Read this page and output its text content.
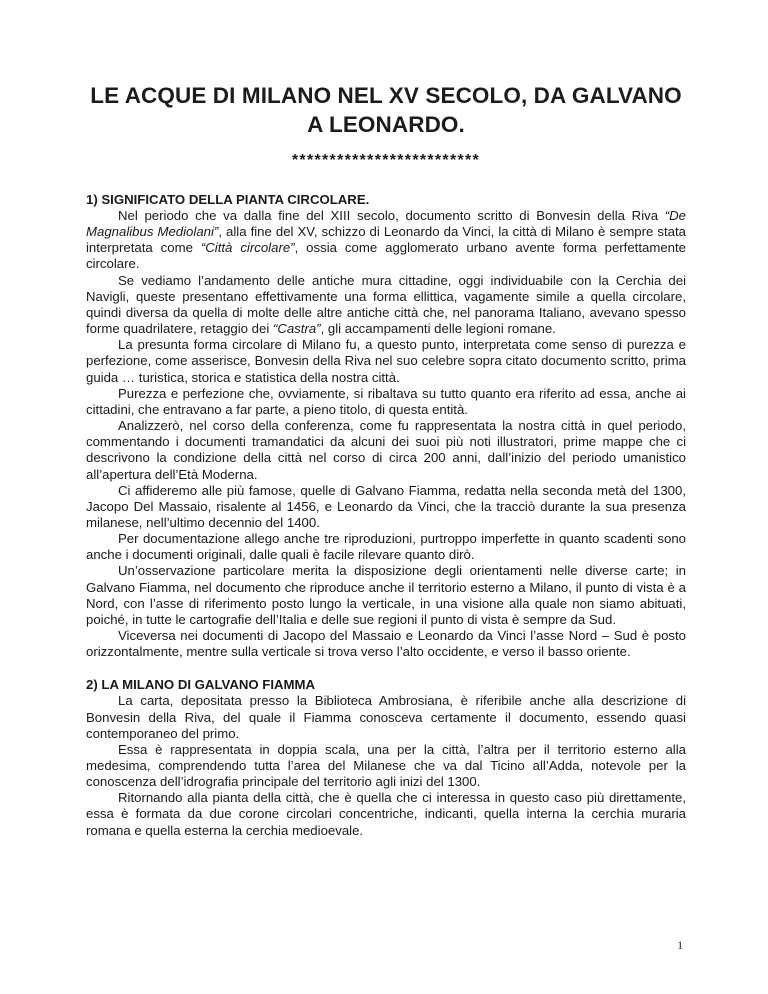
LE ACQUE DI MILANO NEL XV SECOLO, DA GALVANO
A LEONARDO.
*************************

1) SIGNIFICATO DELLA PIANTA CIRCOLARE.

Nel periodo che va dalla fine del XIII secolo, documento scritto di Bonvesin della Riva “De Magnalibus Mediolani”, alla fine del XV, schizzo di Leonardo da Vinci, la città di Milano è sempre stata interpretata come “Città circolare”, ossia come agglomerato urbano avente forma perfettamente circolare.

Se vediamo l’andamento delle antiche mura cittadine, oggi individuabile con la Cerchia dei Navigli, queste presentano effettivamente una forma ellittica, vagamente simile a quella circolare, quindi diversa da quella di molte delle altre antiche città che, nel panorama Italiano, avevano spesso forme quadrilatere, retaggio dei “Castra”, gli accampamenti delle legioni romane.

La presunta forma circolare di Milano fu, a questo punto, interpretata come senso di purezza e perfezione, come asserisce, Bonvesin della Riva nel suo celebre sopra citato documento scritto, prima guida … turistica, storica e statistica della nostra città.

Purezza e perfezione che, ovviamente, si ribaltava su tutto quanto era riferito ad essa, anche ai cittadini, che entravano a far parte, a pieno titolo, di questa entità.

Analizzerò, nel corso della conferenza, come fu rappresentata la nostra città in quel periodo, commentando i documenti tramandatici da alcuni dei suoi più noti illustratori, prime mappe che ci descrivono la condizione della città nel corso di circa 200 anni, dall’inizio del periodo umanistico all’apertura dell’Età Moderna.

Ci affideremo alle più famose, quelle di Galvano Fiamma, redatta nella seconda metà del 1300, Jacopo Del Massaio, risalente al 1456, e Leonardo da Vinci, che la tracciò durante la sua presenza milanese, nell’ultimo decennio del 1400.

Per documentazione allego anche tre riproduzioni, purtroppo imperfette in quanto scadenti sono anche i documenti originali, dalle quali è facile rilevare quanto dirò.

Un’osservazione particolare merita la disposizione degli orientamenti nelle diverse carte; in Galvano Fiamma, nel documento che riproduce anche il territorio esterno a Milano, il punto di vista è a Nord, con l’asse di riferimento posto lungo la verticale, in una visione alla quale non siamo abituati, poiché, in tutte le cartografie dell’Italia e delle sue regioni il punto di vista è sempre da Sud.

Viceversa nei documenti di Jacopo del Massaio e Leonardo da Vinci l’asse Nord – Sud è posto orizzontalmente, mentre sulla verticale si trova verso l’alto occidente, e verso il basso oriente.

2) LA MILANO DI GALVANO FIAMMA

La carta, depositata presso la Biblioteca Ambrosiana, è riferibile anche alla descrizione di Bonvesin della Riva, del quale il Fiamma conosceva certamente il documento, essendo quasi contemporaneo del primo.

Essa è rappresentata in doppia scala, una per la città, l’altra per il territorio esterno alla medesima, comprendendo tutta l’area del Milanese che va dal Ticino all’Adda, notevole per la conoscenza dell’idrografia principale del territorio agli inizi del 1300.

Ritornando alla pianta della città, che è quella che ci interessa in questo caso più direttamente, essa è formata da due corone circolari concentriche, indicanti, quella interna la cerchia muraria romana e quella esterna la cerchia medioevale.

1
